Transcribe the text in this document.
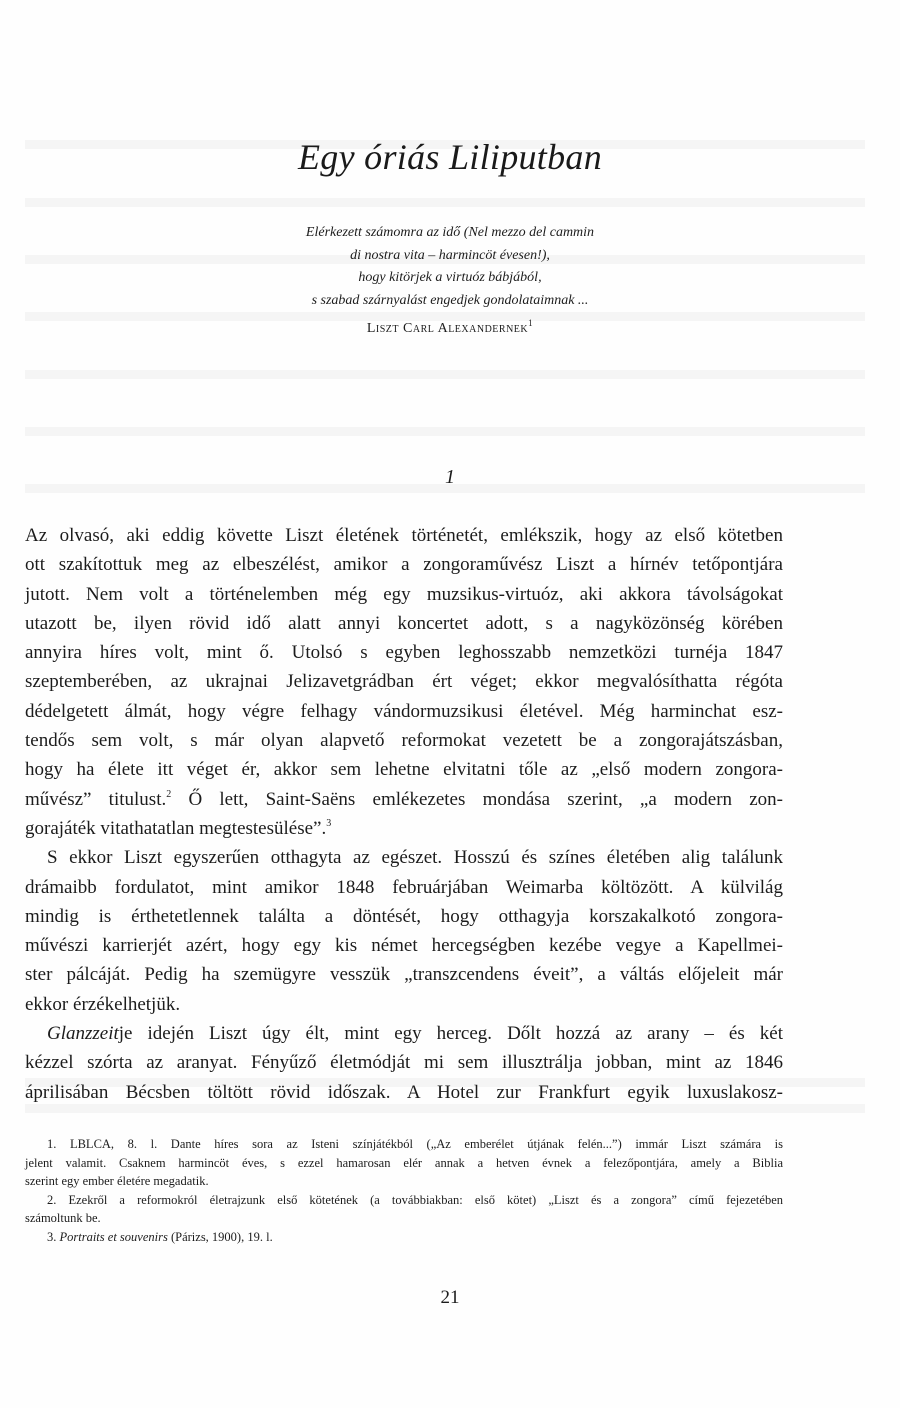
Egy óriás Liliputban
Elérkezett számomra az idő (Nel mezzo del cammin
di nostra vita – harmincöt évesen!),
hogy kitörjek a virtuóz bábjából,
s szabad szárnyalást engedjek gondolataimnak ...
Liszt Carl Alexandernek$^1$
1
Az olvasó, aki eddig követte Liszt életének történetét, emlékszik, hogy az első kötetben
ott szakítottuk meg az elbeszélést, amikor a zongoraművész Liszt a hírnév tetőpontjára
jutott. Nem volt a történelemben még egy muzsikus-virtuóz, aki akkora távolságokat
utazott be, ilyen rövid idő alatt annyi koncertet adott, s a nagyközönség körében
annyira híres volt, mint ő. Utolsó s egyben leghosszabb nemzetközi turnéja 1847
szeptemberében, az ukrajnai Jelizavetgrádban ért véget; ekkor megvalósíthatta régóta
dédelgetett álmát, hogy végre felhagy vándormuzsikusi életével. Még harminchat esz-
tendős sem volt, s már olyan alapvető reformokat vezetett be a zongorajátszásban,
hogy ha élete itt véget ér, akkor sem lehetne elvitatni tőle az „első modern zongora-
művész” titulust.$^2$ Ő lett, Saint-Saëns emlékezetes mondása szerint, „a modern zon-
gorajáték vitathatatlan megtestesülése”.$^3$
S ekkor Liszt egyszerűen otthagyta az egészet. Hosszú és színes életében alig találunk
drámaibb fordulatot, mint amikor 1848 februárjában Weimarba költözött. A külvilág
mindig is érthetetlennek találta a döntését, hogy otthagyja korszakalkotó zongora-
művészi karrierjét azért, hogy egy kis német hercegségben kezébe vegye a Kapellmei-
ster pálcáját. Pedig ha szemügyre vesszük „transzcendens éveit”, a váltás előjeleit már
ekkor érzékelhetjük.
Glanzzeitje idején Liszt úgy élt, mint egy herceg. Dőlt hozzá az arany – és két
kézzel szórta az aranyat. Fényűző életmódját mi sem illusztrálja jobban, mint az 1846
áprilisában Bécsben töltött rövid időszak. A Hotel zur Frankfurt egyik luxuslakosz-
1. LBLCA, 8. l. Dante híres sora az Isteni színjátékból („Az emberélet útjának felén...”) immár Liszt számára is
jelent valamit. Csaknem harmincöt éves, s ezzel hamarosan elér annak a hetven évnek a felezőpontjára, amely a Biblia
szerint egy ember életére megadatik.
2. Ezekről a reformokról életrajzunk első kötetének (a továbbiakban: első kötet) „Liszt és a zongora” című fejezetében
számoltunk be.
3. Portraits et souvenirs (Párizs, 1900), 19. l.
21
